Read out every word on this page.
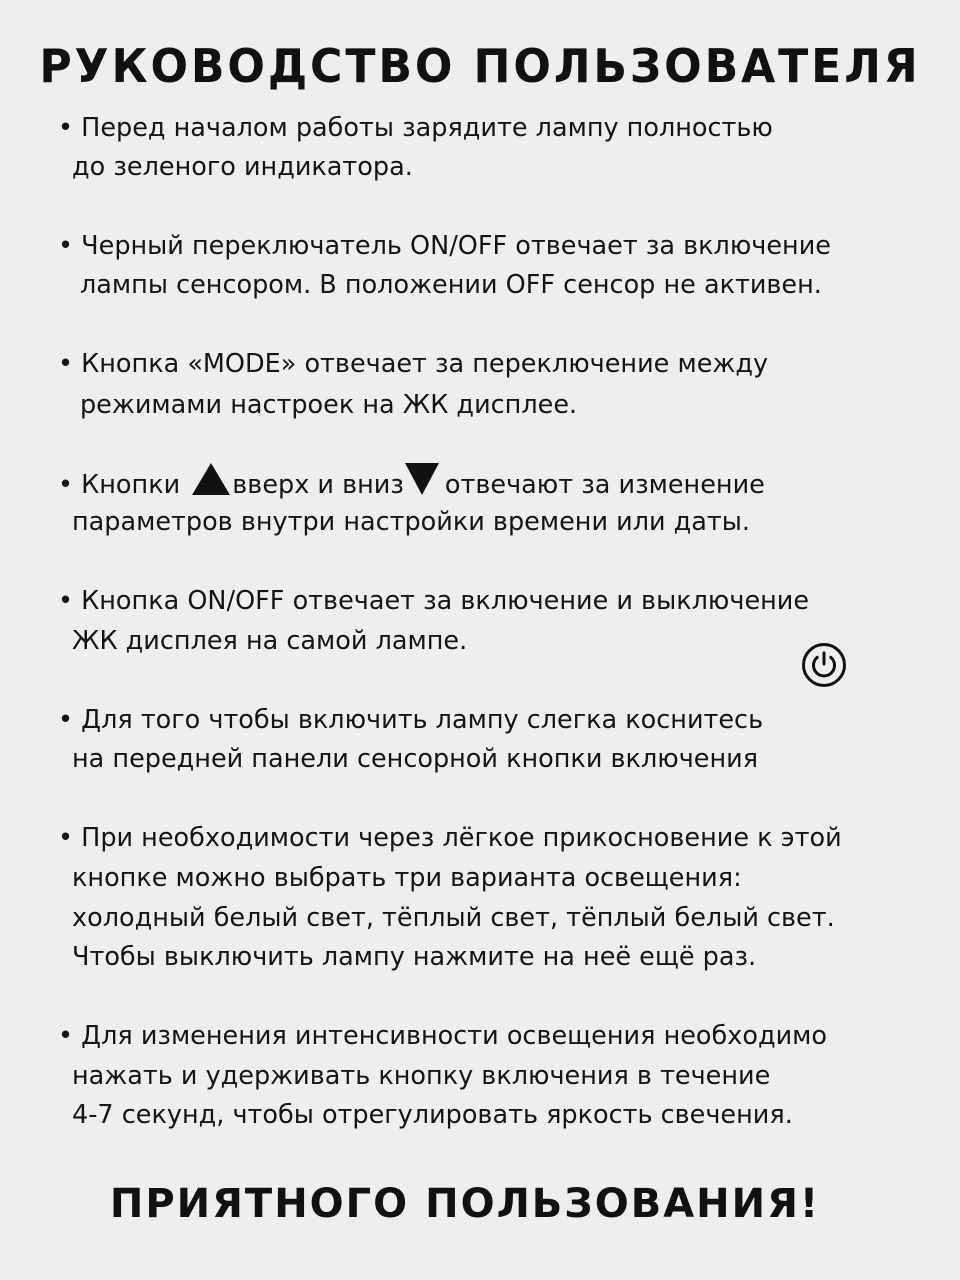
РУКОВОДСТВО ПОЛЬЗОВАТЕЛЯ

• Перед началом работы зарядите лампу полностью

до зеленого индикатора.

• Черный переключатель ON/OFF отвечает за включение

лампы сенсором. В положении OFF сенсор не активен.

• Кнопка «MODE» отвечает за переключение между

режимами настроек на ЖК дисплее.

• Кнопки вверх и вниз отвечают за изменение

параметров внутри настройки времени или даты.

• Кнопка ON/OFF отвечает за включение и выключение

ЖК дисплея на самой лампе.

• Для того чтобы включить лампу слегка коснитесь

на передней панели сенсорной кнопки включения

• При необходимости через лёгкое прикосновение к этой

кнопке можно выбрать три варианта освещения:

холодный белый свет, тёплый свет, тёплый белый свет.

Чтобы выключить лампу нажмите на неё ещё раз.

• Для изменения интенсивности освещения необходимо

нажать и удерживать кнопку включения в течение

4-7 секунд, чтобы отрегулировать яркость свечения.

ПРИЯТНОГО ПОЛЬЗОВАНИЯ!
